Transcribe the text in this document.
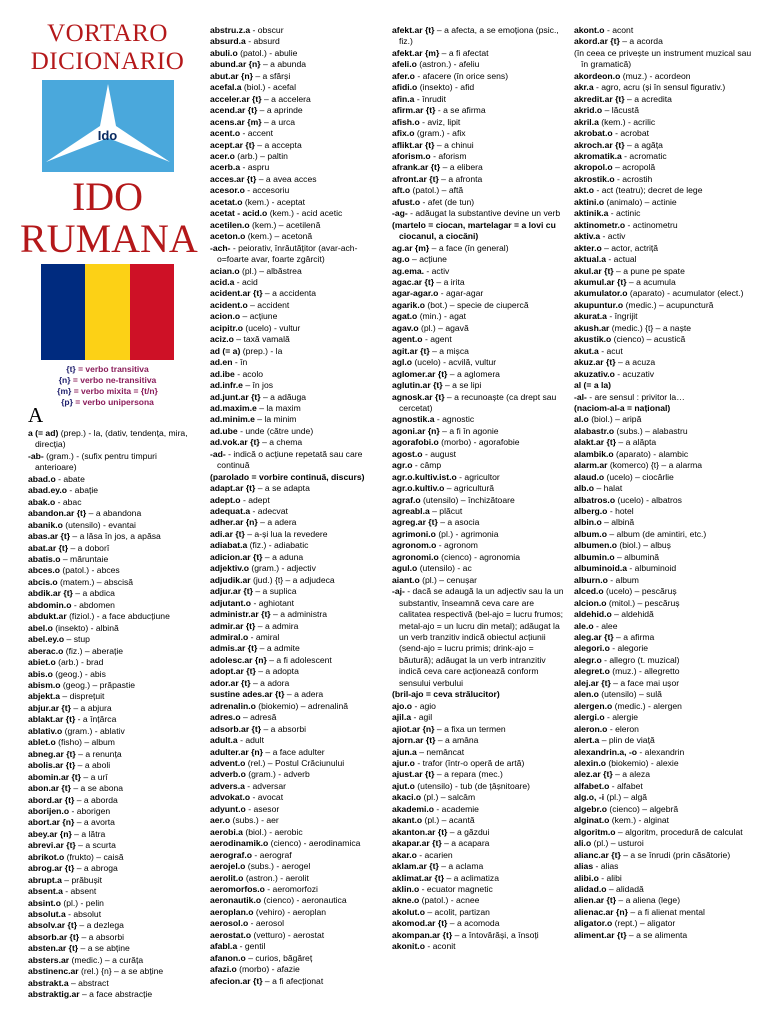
VORTARO
DICIONARIO
Ido
IDO
RUMANA
{t} = verbo transitiva
{n} = verbo ne-transitiva
{m} = verbo mixita = {t/n}
{p} = verbo unipersona
A

a (= ad) (prep.) - la, (dativ, tendența, mira, direcția)

-ab- (gram.) - (sufix pentru timpuri anterioare)

abad.o - abate

abad.ey.o - abație

abak.o - abac

abandon.ar {t} – a abandona

abanik.o (utensilo) - evantai

abas.ar {t} – a lăsa în jos, a apăsa

abat.ar {t} – a doborî

abatis.o – măruntaie

abces.o (patol.) - abces

abcis.o (matem.) – abscisă

abdik.ar {t} – a abdica

abdomin.o - abdomen

abdukt.ar (fiziol.) - a face abducțiune

abel.o (insekto) - albină

abel.ey.o – stup

aberac.o (fiz.) – aberație

abiet.o (arb.) - brad

abis.o (geog.) - abis

abism.o (geog.) – prăpastie

abjekt.a – disprețuit

abjur.ar {t} – a abjura

ablakt.ar {t} - a înțărca

ablativ.o (gram.) - ablativ

ablet.o (fisho) – album

abneg.ar {t} – a renunța

abolis.ar {t} – a aboli

abomin.ar {t} – a urî

abon.ar {t} – a se abona

abord.ar {t} – a aborda

aborijen.o - aborigen

abort.ar {n} – a avorta

abey.ar {n} – a lătra

abrevi.ar {t} – a scurta

abrikot.o (frukto) – caisă

abrog.ar {t} – a abroga

abrupt.a – prăbușit

absent.a - absent

absint.o (pl.) - pelin

absolut.a - absolut

absolv.ar {t} – a dezlega

absorb.ar {t} – a absorbi

absten.ar {t} – a se abține

absters.ar (medic.) – a curăța

abstinenc.ar (rel.) {n} – a se abține

abstrakt.a – abstract

abstraktig.ar – a face abstracție

abstru.z.a - obscur

absurd.a - absurd

abuli.o (patol.) - abulie

abund.ar {n} – a abunda

abut.ar {n} – a sfârși

acefal.a (biol.) - acefal

acceler.ar {t} – a accelera

acend.ar {t} – a aprinde

acens.ar {m} – a urca

acent.o - accent

acept.ar {t} – a accepta

acer.o (arb.) – paltin

acerb.a - aspru

acces.ar {t} – a avea acces

acesor.o - accesoriu

acetat.o (kem.) - aceptat

acetat - acid.o (kem.) - acid acetic

acetilen.o (kem.) – acetilenă

aceton.o (kem.) – acetonă

-ach- - peiorativ, înrăutățitor (avar-ach-o=foarte avar, foarte zgârcit)

acian.o (pl.) – albăstrea

acid.a - acid

acident.ar {t} – a accidenta

acident.o – accident

acion.o – acțiune

acipitr.o (ucelo) - vultur

aciz.o – taxă vamală

ad (= a) (prep.) - la

ad.en - în

ad.ibe - acolo

ad.infr.e – în jos

ad.junt.ar {t} – a adăuga

ad.maxim.e – la maxim

ad.minim.e – la minim

ad.ube - unde (către unde)

ad.vok.ar {t} – a chema

-ad- - indică o acțiune repetată sau care continuă

(parolado = vorbire continuă, discurs)

adapt.ar {t} – a se adapta

adept.o - adept

adequat.a - adecvat

adher.ar {n} – a adera

adi.ar {t} – a-și lua la revedere

adiabat.a (fiz.) - adiabatic

adicion.ar {t} – a aduna

adjektiv.o (gram.) - adjectiv

adjudik.ar (jud.) {t} – a adjudeca

adjur.ar {t} – a suplica

adjutant.o - aghiotant

administr.ar {t} – a administra

admir.ar {t} – a admira

admiral.o - amiral

admis.ar {t} – a admite

adolesc.ar {n} – a fi adolescent

adopt.ar {t} – a adopta

ador.ar {t} – a adora

sustine ades.ar {t} – a adera

adrenalin.o (biokemio) – adrenalină

adres.o – adresă

adsorb.ar {t} – a absorbi

adult.a - adult

adulter.ar {n} – a face adulter

advent.o (rel.) – Postul Crăciunului

adverb.o (gram.) - adverb

advers.a - adversar

advokat.o - avocat

adyunt.o - asesor

aer.o (subs.) - aer

aerobi.a (biol.) - aerobic

aerodinamik.o (cienco) - aerodinamica

aerograf.o - aerograf

aerojel.o (subs.) - aerogel

aerolit.o (astron.) - aerolit

aeromorfos.o - aeromorfozi

aeronautik.o (cienco) - aeronautica

aeroplan.o (vehiro) - aeroplan

aerosol.o - aerosol

aerostat.o (vetturo) - aerostat

afabl.a - gentil

afanon.o – curios, băgăreț

afazi.o (morbo) - afazie

afecion.ar {t} – a fi afecționat

afekt.ar {t} – a afecta, a se emoționa (psic., fiz.)

afekt.ar {m} – a fi afectat

afeli.o (astron.) - afeliu

afer.o - afacere (în orice sens)

afidi.o (insekto) - afid

afin.a - înrudit

afirm.ar {t} - a se afirma

afish.o - aviz, lipit

afix.o (gram.) - afix

aflikt.ar {t} – a chinui

aforism.o - aforism

afrank.ar {t} – a elibera

afront.ar {t} – a afronta

aft.o (patol.) – aftă

afust.o - afet (de tun)

-ag- - adăugat la substantive devine un verb

(martelo = ciocan, martelagar = a lovi cu ciocanul, a ciocăni)

ag.ar {m} – a face (în general)

ag.o – acțiune

ag.ema. - activ

agac.ar {t} – a irita

agar-agar.o - agar-agar

agarik.o (bot.) – specie de ciupercă

agat.o (min.) - agat

agav.o (pl.) – agavă

agent.o - agent

agit.ar {t} – a mișca

agl.o (ucelo) - acvilă, vultur

aglomer.ar {t} – a aglomera

aglutin.ar {t} – a se lipi

agnosk.ar {t} – a recunoaște (ca drept sau cercetat)

agnostik.a - agnostic

agoni.ar {n} – a fi în agonie

agorafobi.o (morbo) - agorafobie

agost.o - august

agr.o - câmp

agr.o.kultiv.ist.o - agricultor

agr.o.kultiv.o – agricultură

agraf.o (utensilo) – închizătoare

agreabl.a – plăcut

agreg.ar {t} – a asocia

agrimoni.o (pl.) - agrimonia

agronom.o - agronom

agronomi.o (cienco) - agronomia

agul.o (utensilo) - ac

aiant.o (pl.) – cenușar

-aj- - dacă se adaugă la un adjectiv sau la un substantiv, înseamnă ceva care are calitatea respectivă (bel-ajo = lucru frumos; metal-ajo = un lucru din metal); adăugat la un verb tranzitiv indică obiectul acțiunii (send-ajo = lucru primis; drink-ajo = băutură); adăugat la un verb intranzitiv indică ceva care acționează conform sensului verbului

(bril-ajo = ceva strălucitor)

ajo.o - agio

ajil.a - agil

ajiot.ar {n} – a fixa un termen

ajorn.ar {t} – a amâna

ajun.a – nemâncat

ajur.o - trafor (într-o operă de artă)

ajust.ar {t} – a repara (mec.)

ajut.o (utensilo) - tub (de țâșnitoare)

akaci.o (pl.) – salcâm

akademi.o - academie

akant.o (pl.) – acantă

akanton.ar {t} – a găzdui

akapar.ar {t} – a acapara

akar.o - acarien

aklam.ar {t} – a aclama

aklimat.ar {t} – a aclimatiza

aklin.o - ecuator magnetic

akne.o (patol.) - acnee

akolut.o – acolit, partizan

akomod.ar {t} – a acomoda

akompan.ar {t} – a întovărăși, a însoți

akonit.o - aconit

akont.o - acont

akord.ar {t} – a acorda

(în ceea ce privește un instrument muzical sau în gramatică)

akordeon.o (muz.) - acordeon

akr.a - agro, acru (și în sensul figurativ.)

akredit.ar {t} – a acredita

akrid.o – lăcustă

akril.a (kem.) - acrilic

akrobat.o - acrobat

akroch.ar {t} – a agăța

akromatik.a - acromatic

akropol.o – acropolă

akrostik.o - acrostih

akt.o - act (teatru); decret de lege

aktini.o (animalo) – actinie

aktinik.a - actinic

aktinometr.o - actinometru

aktiv.a - activ

akter.o – actor, actriță

aktual.a - actual

akul.ar {t} – a pune pe spate

akumul.ar {t} – a acumula

akumulator.o (aparato) - acumulator (elect.)

akupuntur.o (medic.) – acupunctură

akurat.a - îngrijit

akush.ar (medic.) {t} – a naște

akustik.o (cienco) – acustică

akut.a - acut

akuz.ar {t} – a acuza

akuzativ.o - acuzativ

al (= a la)

-al- - are sensul : privitor la…

(naciom-al-a = național)

al.o (biol.) – aripă

alabastr.o (subs.) – alabastru

alakt.ar {t} – a alăpta

alambik.o (aparato) - alambic

alarm.ar (komerco) {t} – a alarma

alaud.o (ucelo) – ciocârlie

alb.o – halat

albatros.o (ucelo) - albatros

alberg.o - hotel

albin.o – albină

album.o – album (de amintiri, etc.)

albumen.o (biol.) – albuș

albumin.o – albumină

albuminoid.a - albuminoid

alburn.o - album

alced.o (ucelo) – pescăruș

alcion.o (mitol.) – pescăruș

aldehid.o – aldehidă

ale.o - alee

aleg.ar {t} – a afirma

alegori.o - alegorie

alegr.o - allegro (t. muzical)

alegret.o (muz.) - allegretto

alej.ar {t} – a face mai ușor

alen.o (utensilo) – sulă

alergen.o (medic.) - alergen

alergi.o - alergie

aleron.o - eleron

alert.a – plin de viață

alexandrin.a, -o - alexandrin

alexin.o (biokemio) - alexie

alez.ar {t} – a aleza

alfabet.o - alfabet

alg.o, -i (pl.) – algă

algebr.o (cienco) – algebră

alginat.o (kem.) - alginat

algoritm.o – algoritm, procedură de calculat

ali.o (pl.) – usturoi

alianc.ar {t} – a se înrudi (prin căsătorie)

alias - alias

alibi.o - alibi

alidad.o – alidadă

alien.ar {t} – a aliena (lege)

alienac.ar {n} – a fi alienat mental

aligator.o (rept.) – aligator

aliment.ar {t} – a se alimenta
